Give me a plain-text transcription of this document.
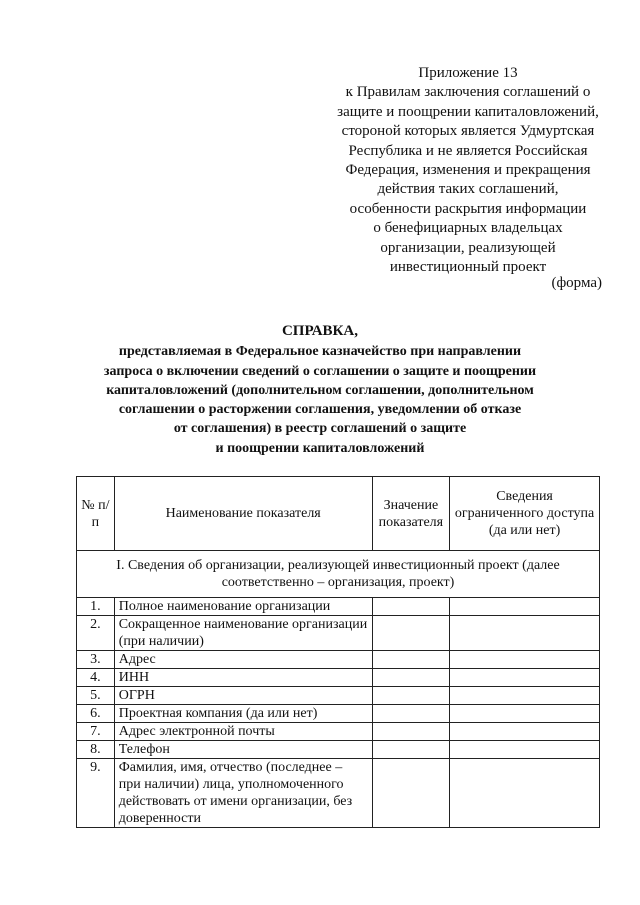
Приложение 13
к Правилам заключения соглашений о
защите и поощрении капиталовложений,
стороной которых является Удмуртская
Республика и не является Российская
Федерация, изменения и прекращения
действия таких соглашений,
особенности раскрытия информации
о бенефициарных владельцах
организации, реализующей
инвестиционный проект
(форма)
СПРАВКА,
представляемая в Федеральное казначейство при направлении
запроса о включении сведений о соглашении о защите и поощрении
капиталовложений (дополнительном соглашении, дополнительном
соглашении о расторжении соглашения, уведомлении об отказе
от соглашения) в реестр соглашений о защите
и поощрении капиталовложений
№ п/п	Наименование показателя	Значение показателя	Сведения ограниченного доступа (да или нет)
I. Сведения об организации, реализующей инвестиционный проект (далее соответственно – организация, проект)			
1.	Полное наименование организации		
2.	Сокращенное наименование организации (при наличии)		
3.	Адрес		
4.	ИНН		
5.	ОГРН		
6.	Проектная компания (да или нет)		
7.	Адрес электронной почты		
8.	Телефон		
9.	Фамилия, имя, отчество (последнее – при наличии) лица, уполномоченного действовать от имени организации, без доверенности		
